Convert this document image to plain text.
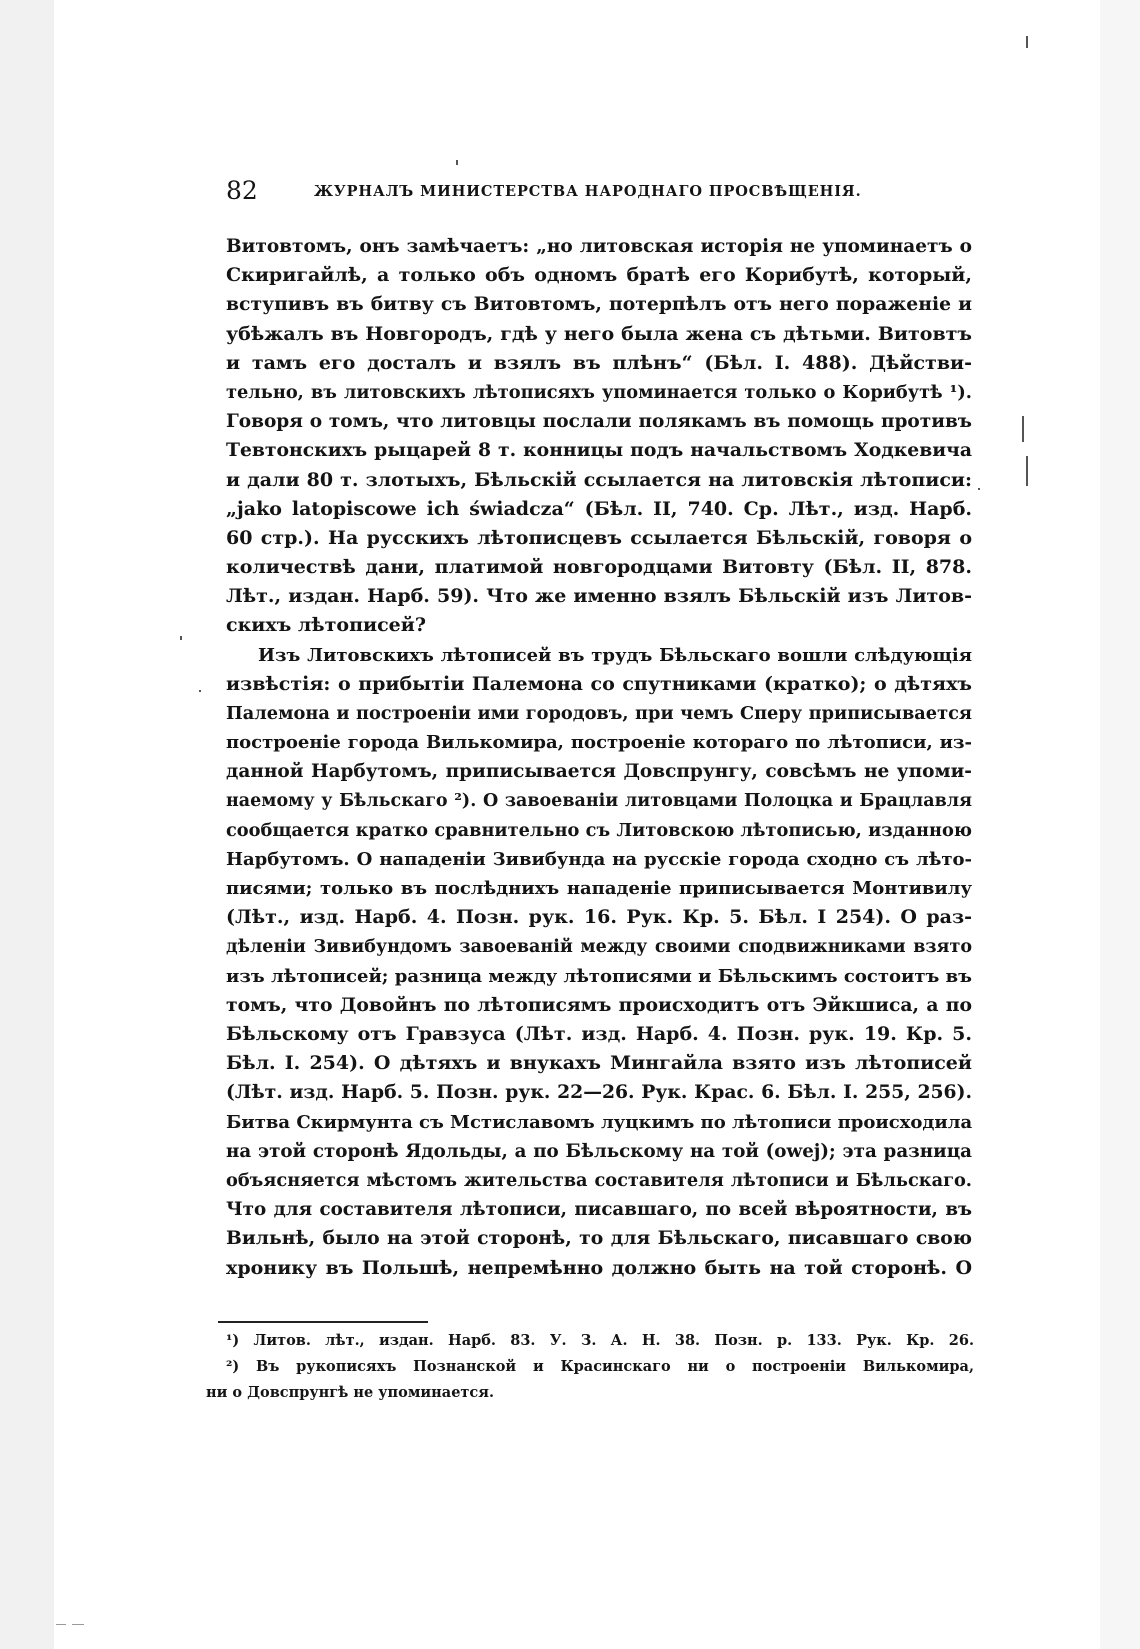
82	ЖУРНАЛЪ МИНИСТЕРСТВА НАРОДНАГО ПРОСВѢЩЕНІЯ.
Витовтомъ, онъ замѣчаетъ: „но литовская исторія не упоминаетъ о
Скиригайлѣ, а только объ одномъ братѣ его Корибутѣ, который,
вступивъ въ битву съ Витовтомъ, потерпѣлъ отъ него пораженіе и
убѣжалъ въ Новгородъ, гдѣ у него была жена съ дѣтьми. Витовтъ
и тамъ его досталъ и взялъ въ плѣнъ“ (Бѣл. I. 488). Дѣйстви-
тельно, въ литовскихъ лѣтописяхъ упоминается только о Корибутѣ ¹).
Говоря о томъ, что литовцы послали полякамъ въ помощь противъ
Тевтонскихъ рыцарей 8 т. конницы подъ начальствомъ Ходкевича
и дали 80 т. злотыхъ, Бѣльскій ссылается на литовскія лѣтописи:
„jako latopiscowe ich świadcza“ (Бѣл. II, 740. Ср. Лѣт., изд. Нарб.
60 стр.). На русскихъ лѣтописцевъ ссылается Бѣльскій, говоря о
количествѣ дани, платимой новгородцами Витовту (Бѣл. II, 878.
Лѣт., издан. Нарб. 59). Что же именно взялъ Бѣльскій изъ Литов-
скихъ лѣтописей?
Изъ Литовскихъ лѣтописей въ трудъ Бѣльскаго вошли слѣдующія
извѣстія: о прибытіи Палемона со спутниками (кратко); о дѣтяхъ
Палемона и построеніи ими городовъ, при чемъ Сперу приписывается
построеніе города Вилькомира, построеніе котораго по лѣтописи, из-
данной Нарбутомъ, приписывается Довспрунгу, совсѣмъ не упоми-
наемому у Бѣльскаго ²). О завоеваніи литовцами Полоцка и Брацлавля
сообщается кратко сравнительно съ Литовскою лѣтописью, изданною
Нарбутомъ. О нападеніи Зивибунда на русскіе города сходно съ лѣто-
писями; только въ послѣднихъ нападеніе приписывается Монтивилу
(Лѣт., изд. Нарб. 4. Позн. рук. 16. Рук. Кр. 5. Бѣл. I 254). О раз-
дѣленіи Зивибундомъ завоеваній между своими сподвижниками взято
изъ лѣтописей; разница между лѣтописями и Бѣльскимъ состоитъ въ
томъ, что Довойнъ по лѣтописямъ происходитъ отъ Эйкшиса, а по
Бѣльскому отъ Гравзуса (Лѣт. изд. Нарб. 4. Позн. рук. 19. Кр. 5.
Бѣл. I. 254). О дѣтяхъ и внукахъ Мингайла взято изъ лѣтописей
(Лѣт. изд. Нарб. 5. Позн. рук. 22—26. Рук. Крас. 6. Бѣл. I. 255, 256).
Битва Скирмунта съ Мстиславомъ луцкимъ по лѣтописи происходила
на этой сторонѣ Ядольды, а по Бѣльскому на той (owej); эта разница
объясняется мѣстомъ жительства составителя лѣтописи и Бѣльскаго.
Что для составителя лѣтописи, писавшаго, по всей вѣроятности, въ
Вильнѣ, было на этой сторонѣ, то для Бѣльскаго, писавшаго свою
хронику въ Польшѣ, непремѣнно должно быть на той сторонѣ. О
¹) Литов. лѣт., издан. Нарб. 83. У. З. А. Н. 38. Позн. р. 133. Рук. Кр. 26.
²) Въ рукописяхъ Познанской и Красинскаго ни о построеніи Вилькомира,
ни о Довспрунгѣ не упоминается.
